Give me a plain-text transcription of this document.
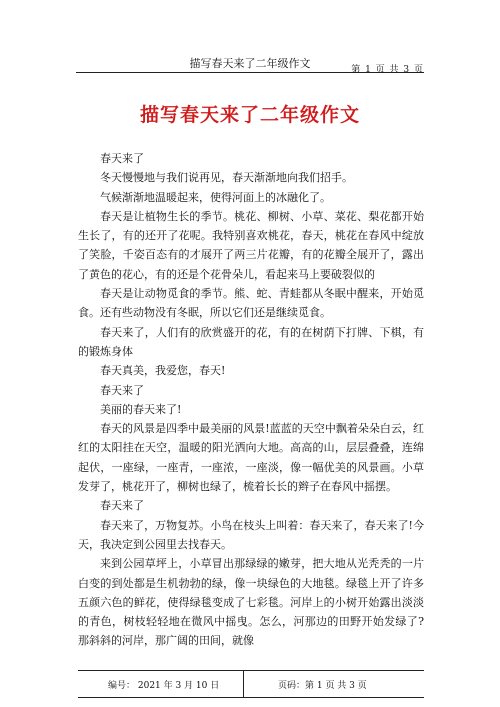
描写春天来了二年级作文	第 1 页 共 3 页
描写春天来了二年级作文

春天来了

冬天慢慢地与我们说再见，春天渐渐地向我们招手。

气候渐渐地温暖起来，使得河面上的冰融化了。

春天是让植物生长的季节。桃花、柳树、小草、菜花、梨花都开始生长了，有的还开了花呢。我特别喜欢桃花，春天，桃花在春风中绽放了笑脸，千姿百态有的才展开了两三片花瓣，有的花瓣全展开了，露出了黄色的花心，有的还是个花骨朵儿，看起来马上要破裂似的

春天是让动物觅食的季节。熊、蛇、青蛙都从冬眠中醒来，开始觅食。还有些动物没有冬眠，所以它们还是继续觅食。

春天来了，人们有的欣赏盛开的花，有的在树荫下打牌、下棋，有的锻炼身体

春天真美，我爱您，春天!

春天来了

美丽的春天来了!

春天的风景是四季中最美丽的风景!蓝蓝的天空中飘着朵朵白云，红红的太阳挂在天空，温暖的阳光洒向大地。高高的山，层层叠叠，连绵起伏，一座绿，一座青，一座浓，一座淡，像一幅优美的风景画。小草发芽了，桃花开了，柳树也绿了，梳着长长的辫子在春风中摇摆。

春天来了

春天来了，万物复苏。小鸟在枝头上叫着：春天来了，春天来了!今天，我决定到公园里去找春天。

来到公园草坪上，小草冒出那绿绿的嫩芽，把大地从光秃秃的一片白变的到处都是生机勃勃的绿，像一块绿色的大地毯。绿毯上开了许多五颜六色的鲜花，使得绿毯变成了七彩毯。河岸上的小树开始露出淡淡的青色，树枝轻轻地在微风中摇曳。怎么，河那边的田野开始发绿了?那斜斜的河岸，那广阔的田间，就像

编号： 2021 年 3 月 10 日	页码：第 1 页 共 3 页
